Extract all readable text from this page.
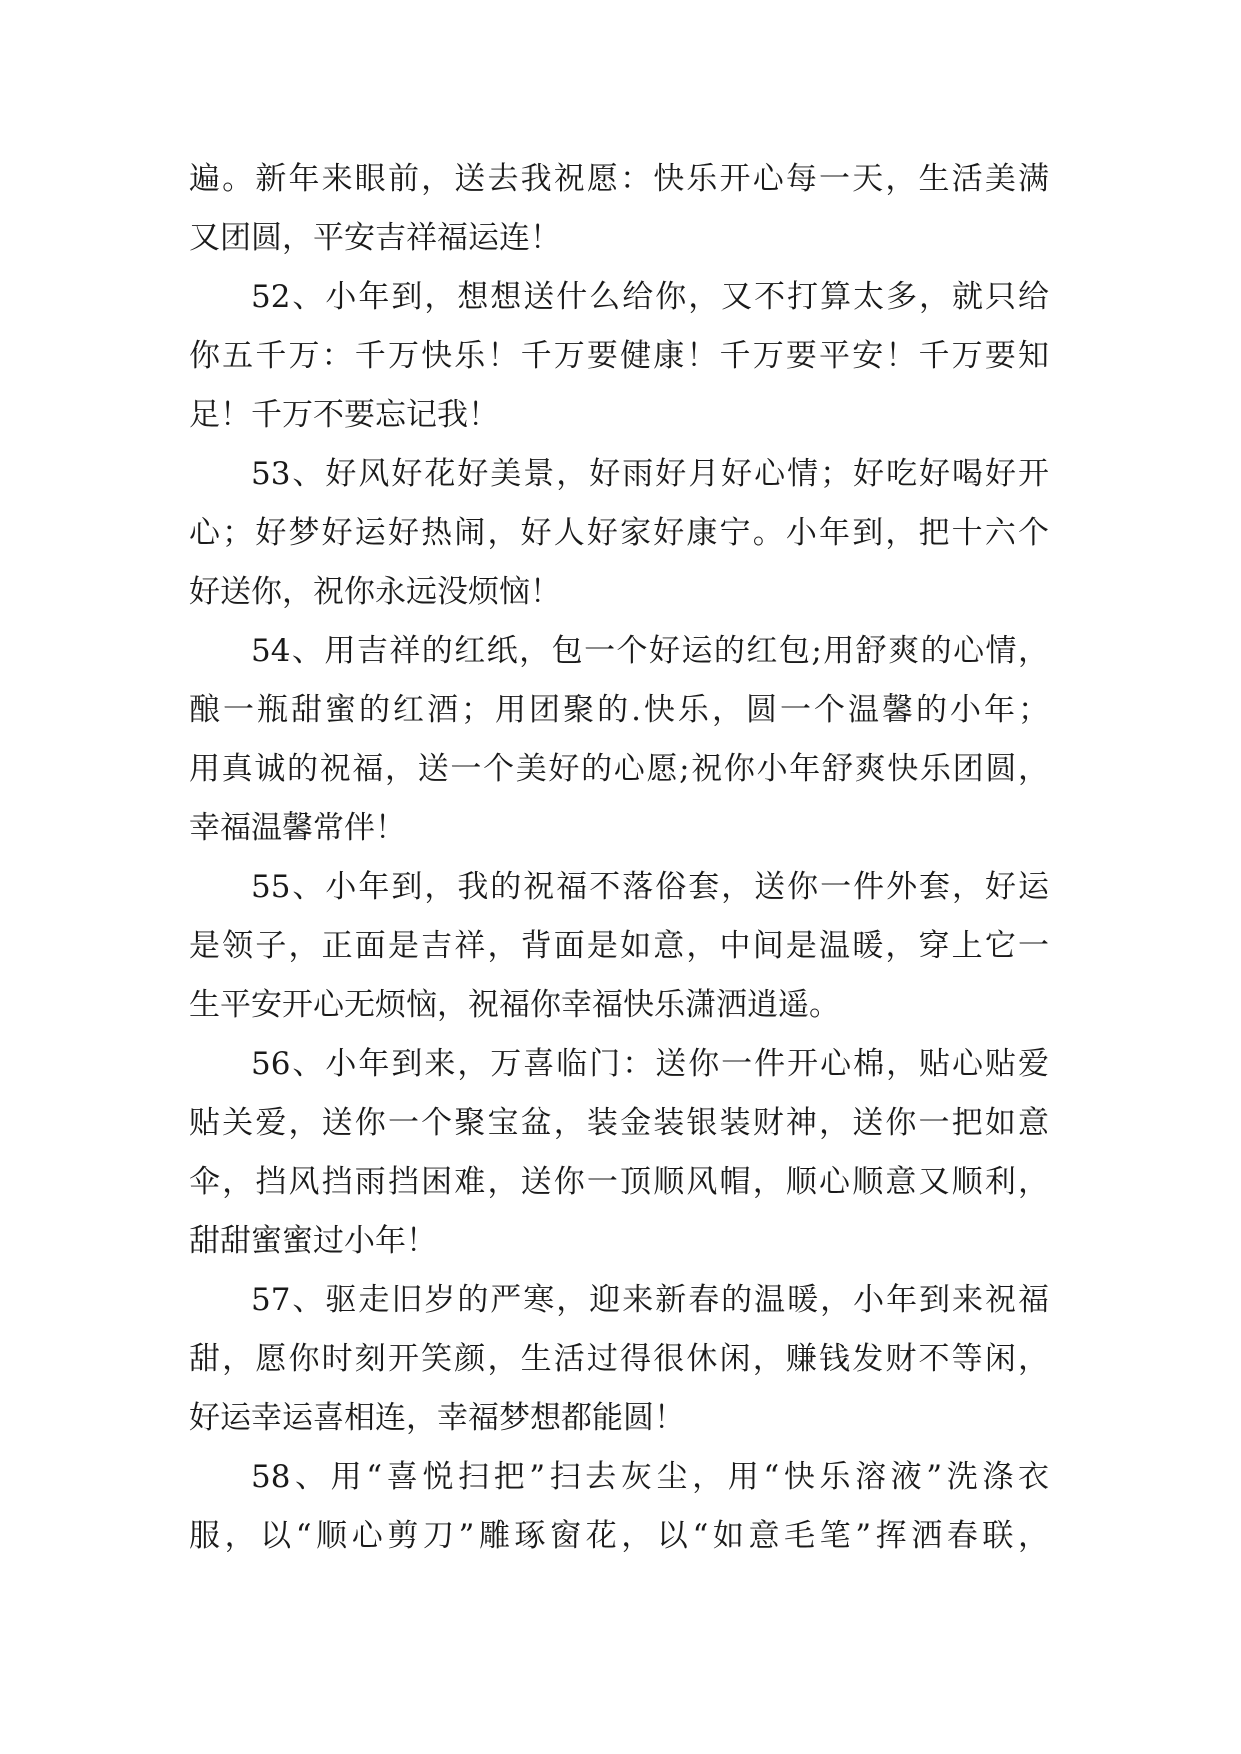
遍。新年来眼前，送去我祝愿：快乐开心每一天，生活美满
又团圆，平安吉祥福运连！
52、小年到，想想送什么给你，又不打算太多，就只给
你五千万：千万快乐！千万要健康！千万要平安！千万要知
足！千万不要忘记我！
53、好风好花好美景，好雨好月好心情；好吃好喝好开
心；好梦好运好热闹，好人好家好康宁。小年到，把十六个
好送你，祝你永远没烦恼！
54、用吉祥的红纸，包一个好运的红包;用舒爽的心情，
酿一瓶甜蜜的红酒；用团聚的.快乐，圆一个温馨的小年；
用真诚的祝福，送一个美好的心愿;祝你小年舒爽快乐团圆，
幸福温馨常伴！
55、小年到，我的祝福不落俗套，送你一件外套，好运
是领子，正面是吉祥，背面是如意，中间是温暖，穿上它一
生平安开心无烦恼，祝福你幸福快乐潇洒逍遥。
56、小年到来，万喜临门：送你一件开心棉，贴心贴爱
贴关爱，送你一个聚宝盆，装金装银装财神，送你一把如意
伞，挡风挡雨挡困难，送你一顶顺风帽，顺心顺意又顺利，
甜甜蜜蜜过小年！
57、驱走旧岁的严寒，迎来新春的温暖，小年到来祝福
甜，愿你时刻开笑颜，生活过得很休闲，赚钱发财不等闲，
好运幸运喜相连，幸福梦想都能圆！
58、用“喜悦扫把”扫去灰尘，用“快乐溶液”洗涤衣
服，以“顺心剪刀”雕琢窗花，以“如意毛笔”挥洒春联，
